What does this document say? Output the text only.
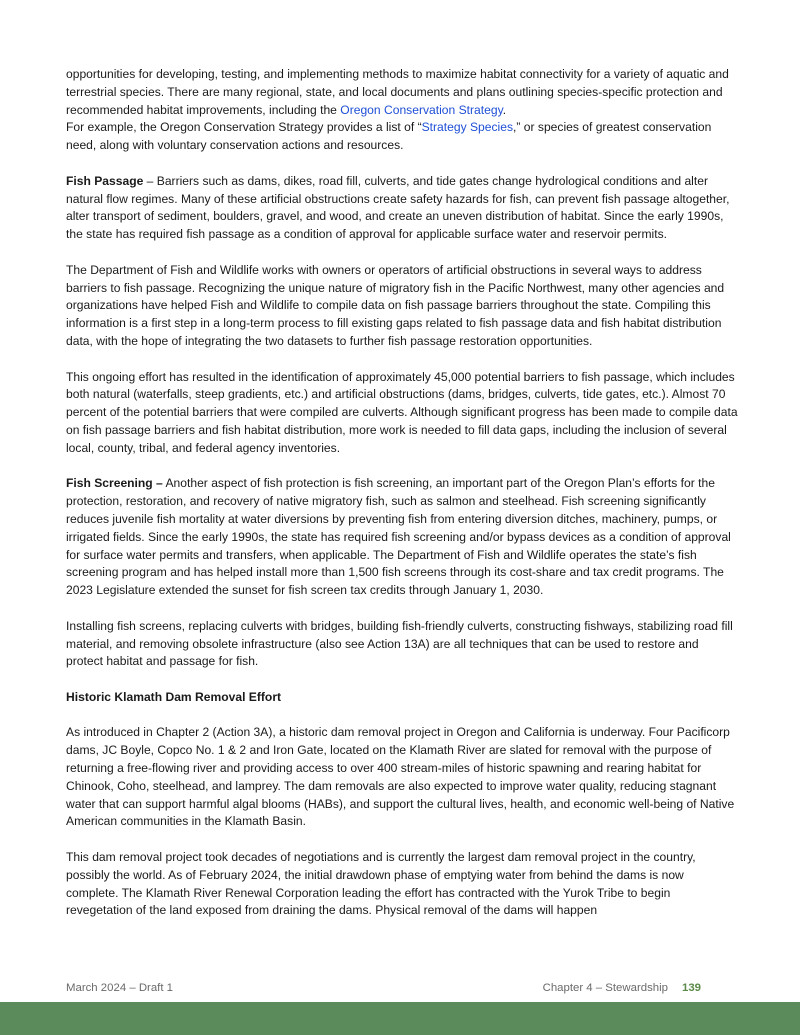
opportunities for developing, testing, and implementing methods to maximize habitat connectivity for a variety of aquatic and terrestrial species. There are many regional, state, and local documents and plans outlining species-specific protection and recommended habitat improvements, including the Oregon Conservation Strategy.

For example, the Oregon Conservation Strategy provides a list of “Strategy Species,” or species of greatest conservation need, along with voluntary conservation actions and resources.

Fish Passage – Barriers such as dams, dikes, road fill, culverts, and tide gates change hydrological conditions and alter natural flow regimes. Many of these artificial obstructions create safety hazards for fish, can prevent fish passage altogether, alter transport of sediment, boulders, gravel, and wood, and create an uneven distribution of habitat. Since the early 1990s, the state has required fish passage as a condition of approval for applicable surface water and reservoir permits.

The Department of Fish and Wildlife works with owners or operators of artificial obstructions in several ways to address barriers to fish passage. Recognizing the unique nature of migratory fish in the Pacific Northwest, many other agencies and organizations have helped Fish and Wildlife to compile data on fish passage barriers throughout the state. Compiling this information is a first step in a long-term process to fill existing gaps related to fish passage data and fish habitat distribution data, with the hope of integrating the two datasets to further fish passage restoration opportunities.

This ongoing effort has resulted in the identification of approximately 45,000 potential barriers to fish passage, which includes both natural (waterfalls, steep gradients, etc.) and artificial obstructions (dams, bridges, culverts, tide gates, etc.). Almost 70 percent of the potential barriers that were compiled are culverts. Although significant progress has been made to compile data on fish passage barriers and fish habitat distribution, more work is needed to fill data gaps, including the inclusion of several local, county, tribal, and federal agency inventories.

Fish Screening – Another aspect of fish protection is fish screening, an important part of the Oregon Plan’s efforts for the protection, restoration, and recovery of native migratory fish, such as salmon and steelhead. Fish screening significantly reduces juvenile fish mortality at water diversions by preventing fish from entering diversion ditches, machinery, pumps, or irrigated fields. Since the early 1990s, the state has required fish screening and/or bypass devices as a condition of approval for surface water permits and transfers, when applicable. The Department of Fish and Wildlife operates the state’s fish screening program and has helped install more than 1,500 fish screens through its cost-share and tax credit programs. The 2023 Legislature extended the sunset for fish screen tax credits through January 1, 2030.

Installing fish screens, replacing culverts with bridges, building fish-friendly culverts, constructing fishways, stabilizing road fill material, and removing obsolete infrastructure (also see Action 13A) are all techniques that can be used to restore and protect habitat and passage for fish.

Historic Klamath Dam Removal Effort

As introduced in Chapter 2 (Action 3A), a historic dam removal project in Oregon and California is underway. Four Pacificorp dams, JC Boyle, Copco No. 1 & 2 and Iron Gate, located on the Klamath River are slated for removal with the purpose of returning a free-flowing river and providing access to over 400 stream-miles of historic spawning and rearing habitat for Chinook, Coho, steelhead, and lamprey. The dam removals are also expected to improve water quality, reducing stagnant water that can support harmful algal blooms (HABs), and support the cultural lives, health, and economic well-being of Native American communities in the Klamath Basin.

This dam removal project took decades of negotiations and is currently the largest dam removal project in the country, possibly the world. As of February 2024, the initial drawdown phase of emptying water from behind the dams is now complete. The Klamath River Renewal Corporation leading the effort has contracted with the Yurok Tribe to begin revegetation of the land exposed from draining the dams. Physical removal of the dams will happen

March 2024 – Draft 1	Chapter 4 – Stewardship 139
